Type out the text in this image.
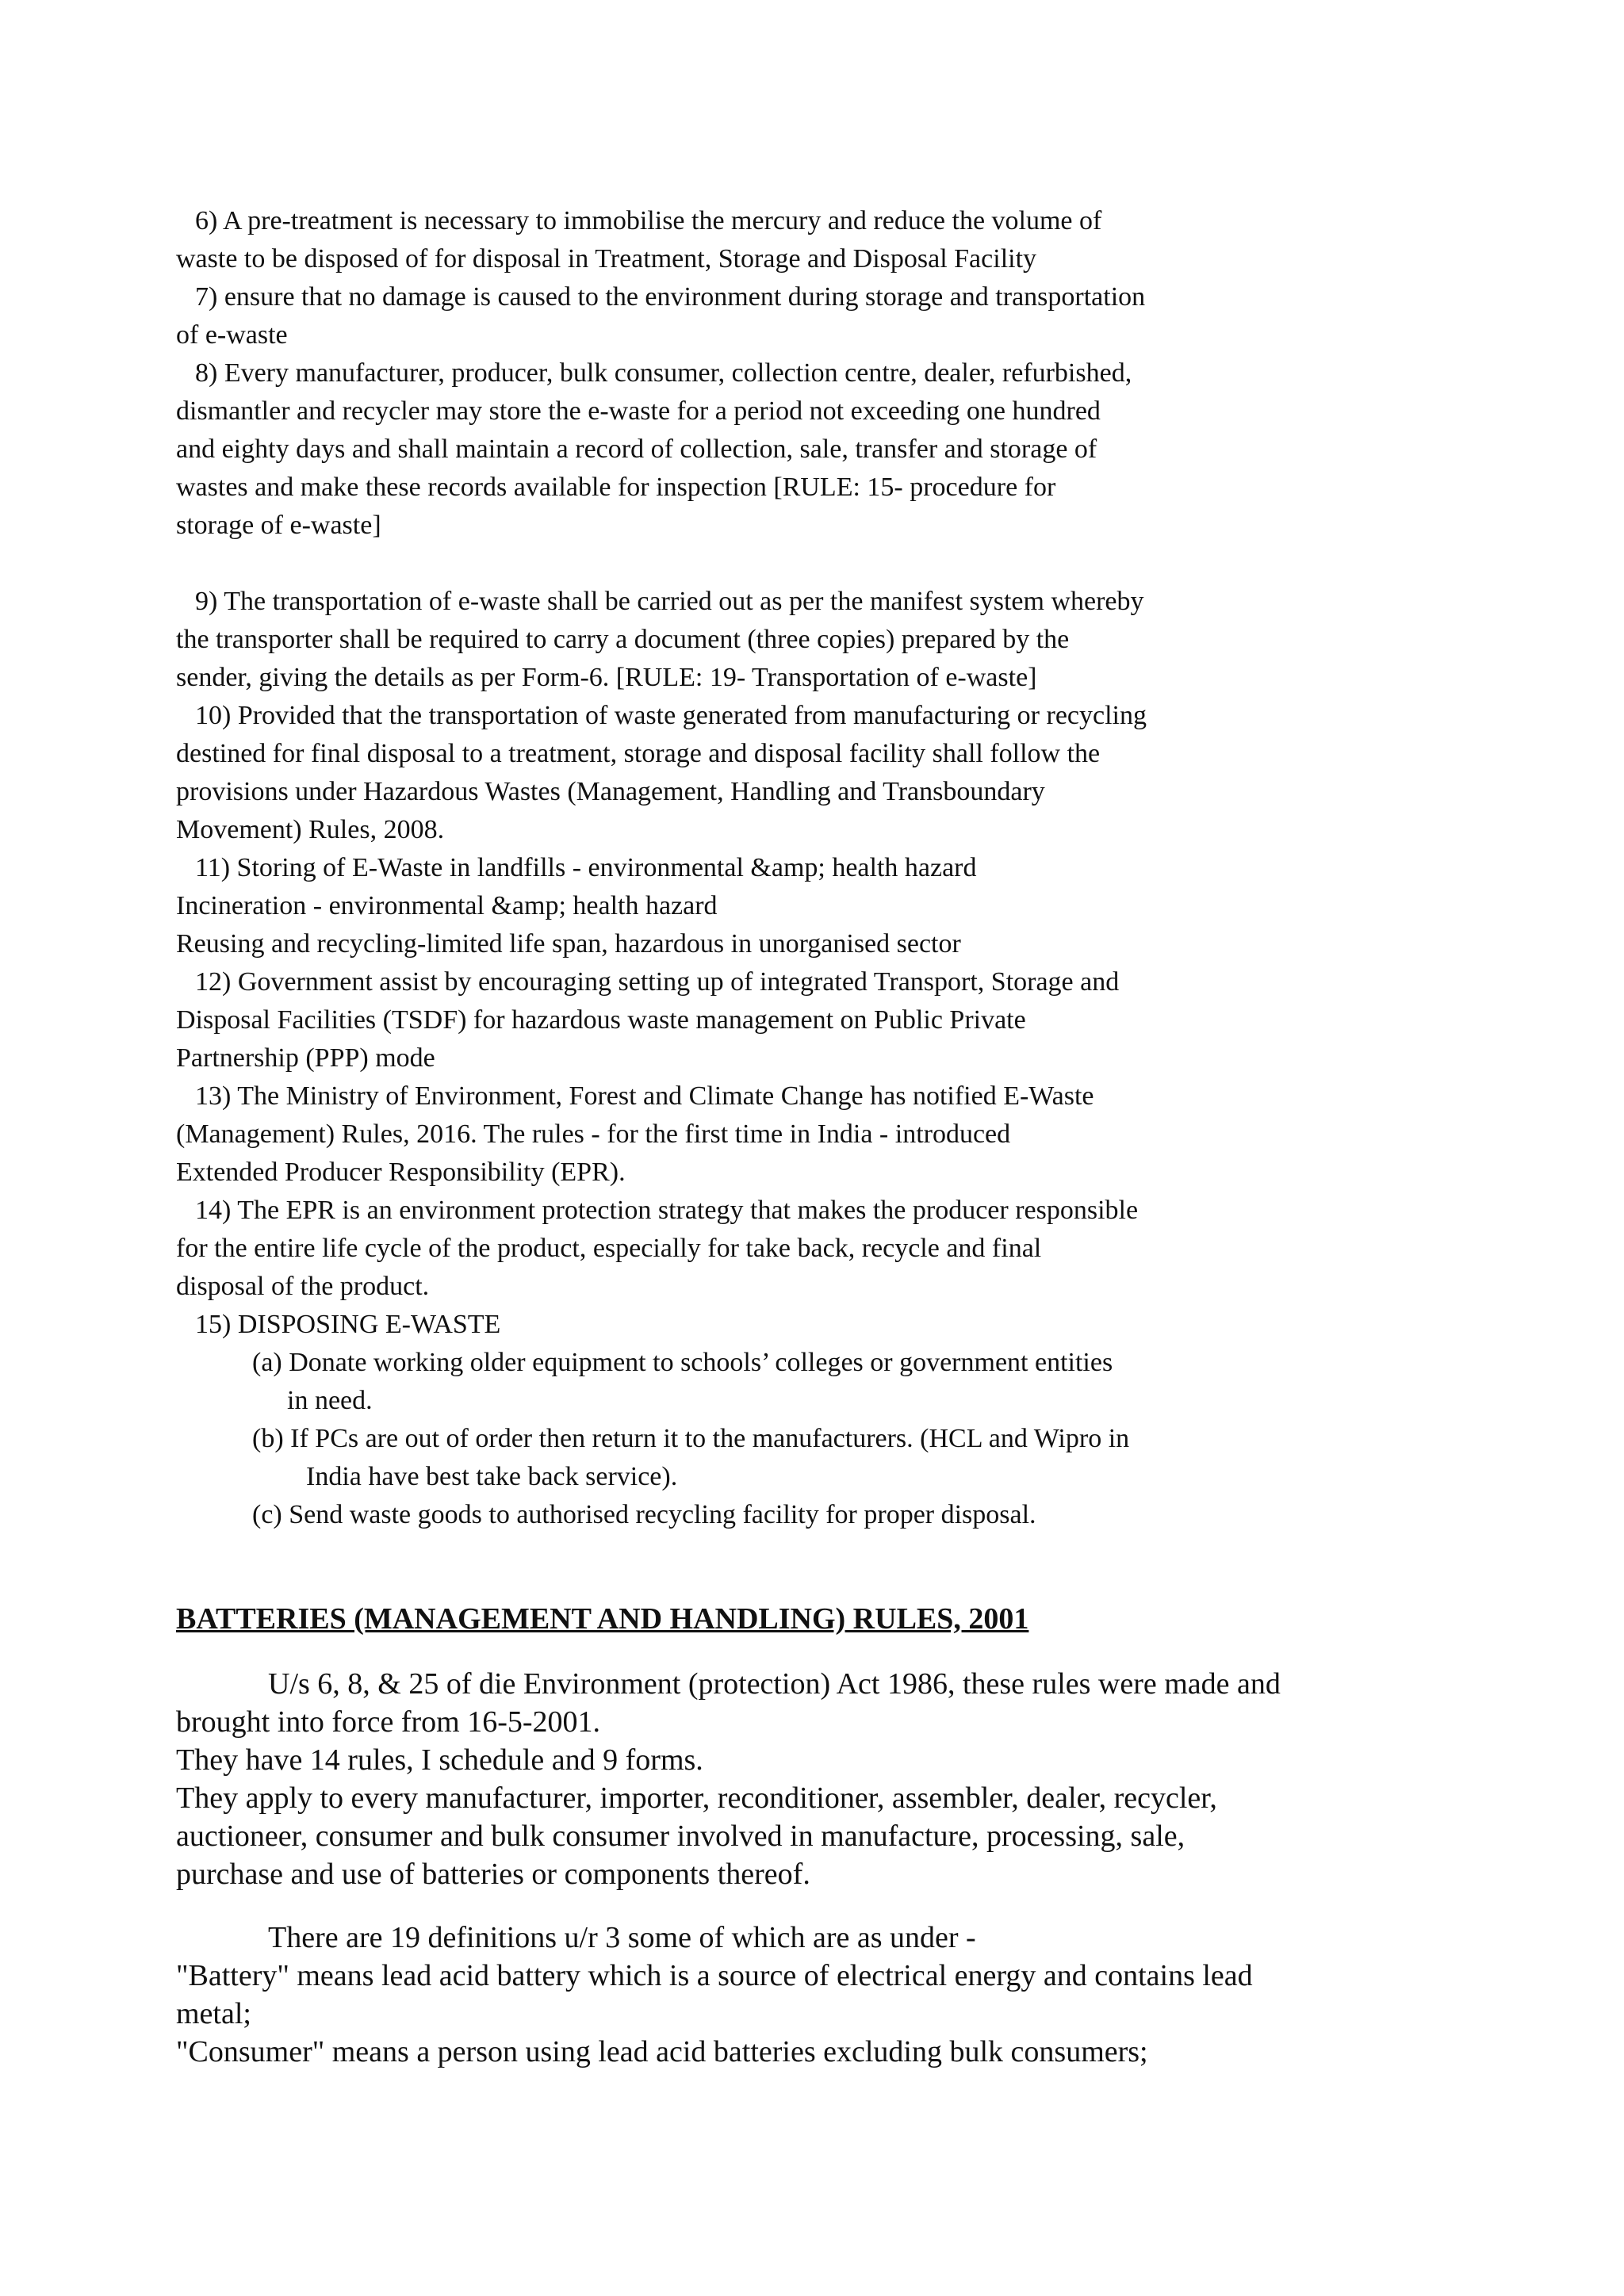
6) A pre-treatment is necessary to immobilise the mercury and reduce the volume of
waste to be disposed of for disposal in Treatment, Storage and Disposal Facility
7) ensure that no damage is caused to the environment during storage and transportation
of e-waste
8) Every manufacturer, producer, bulk consumer, collection centre, dealer, refurbished,
dismantler and recycler may store the e-waste for a period not exceeding one hundred
and eighty days and shall maintain a record of collection, sale, transfer and storage of
wastes and make these records available for inspection [RULE: 15- procedure for
storage of e-waste]
9) The transportation of e-waste shall be carried out as per the manifest system whereby
the transporter shall be required to carry a document (three copies) prepared by the
sender, giving the details as per Form-6. [RULE: 19- Transportation of e-waste]
10) Provided that the transportation of waste generated from manufacturing or recycling
destined for final disposal to a treatment, storage and disposal facility shall follow the
provisions under Hazardous Wastes (Management, Handling and Transboundary
Movement) Rules, 2008.
11) Storing of E-Waste in landfills - environmental &amp; health hazard
Incineration - environmental &amp; health hazard
Reusing and recycling-limited life span, hazardous in unorganised sector
12) Government assist by encouraging setting up of integrated Transport, Storage and
Disposal Facilities (TSDF) for hazardous waste management on Public Private
Partnership (PPP) mode
13) The Ministry of Environment, Forest and Climate Change has notified E-Waste
(Management) Rules, 2016. The rules - for the first time in India - introduced
Extended Producer Responsibility (EPR).
14) The EPR is an environment protection strategy that makes the producer responsible
for the entire life cycle of the product, especially for take back, recycle and final
disposal of the product.
15) DISPOSING E-WASTE
(a) Donate working older equipment to schools’ colleges or government entities
in need.
(b) If PCs are out of order then return it to the manufacturers. (HCL and Wipro in
India have best take back service).
(c) Send waste goods to authorised recycling facility for proper disposal.
BATTERIES (MANAGEMENT AND HANDLING) RULES, 2001
U/s 6, 8, & 25 of die Environment (protection) Act 1986, these rules were made and
brought into force from 16-5-2001.
They have 14 rules, I schedule and 9 forms.
They apply to every manufacturer, importer, reconditioner, assembler, dealer, recycler,
auctioneer, consumer and bulk consumer involved in manufacture, processing, sale,
purchase and use of batteries or components thereof.
There are 19 definitions u/r 3 some of which are as under -
"Battery" means lead acid battery which is a source of electrical energy and contains lead
metal;
"Consumer" means a person using lead acid batteries excluding bulk consumers;
